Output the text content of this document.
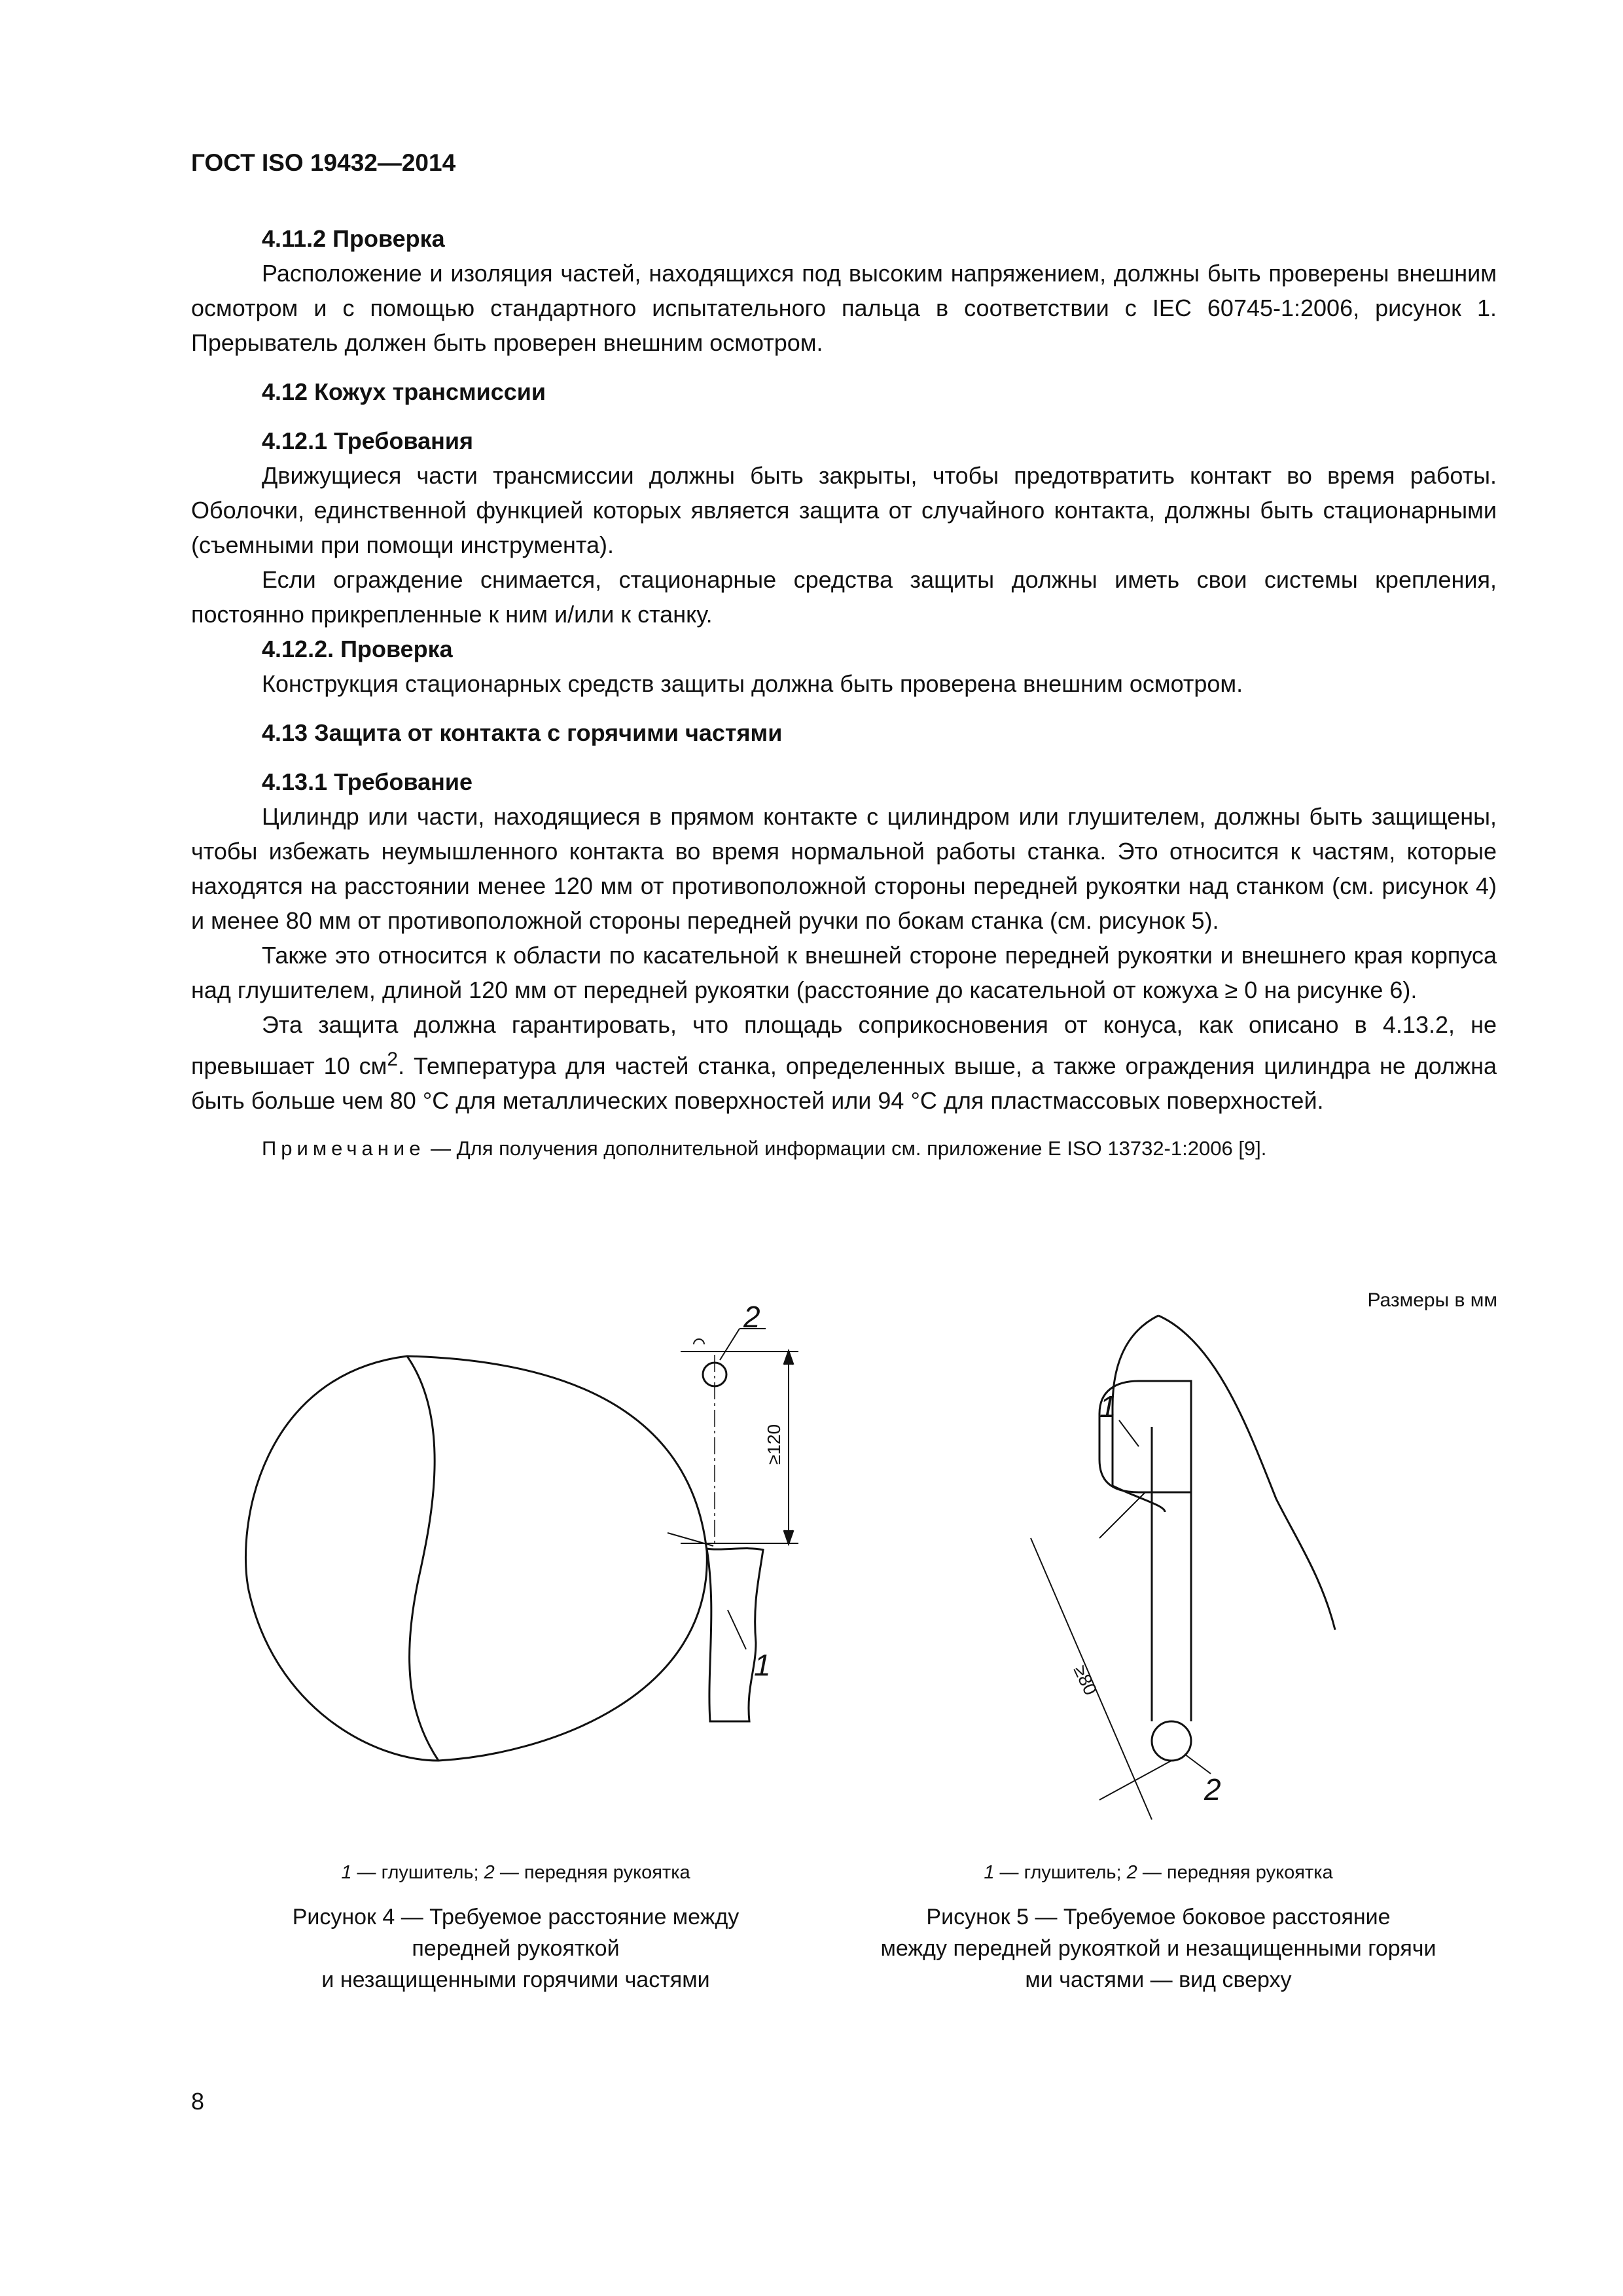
ГОСТ ISO 19432—2014

4.11.2 Проверка

Расположение и изоляция частей, находящихся под высоким напряжением, должны быть проверены внешним осмотром и с помощью стандартного испытательного пальца в соответствии с IEC 60745-1:2006, рисунок 1. Прерыватель должен быть проверен внешним осмотром.

4.12 Кожух трансмиссии

4.12.1 Требования

Движущиеся части трансмиссии должны быть закрыты, чтобы предотвратить контакт во время работы. Оболочки, единственной функцией которых является защита от случайного контакта, должны быть стационарными (съемными при помощи инструмента).

Если ограждение снимается, стационарные средства защиты должны иметь свои системы крепления, постоянно прикрепленные к ним и/или к станку.

4.12.2. Проверка

Конструкция стационарных средств защиты должна быть проверена внешним осмотром.

4.13 Защита от контакта с горячими частями

4.13.1 Требование

Цилиндр или части, находящиеся в прямом контакте с цилиндром или глушителем, должны быть защищены, чтобы избежать неумышленного контакта во время нормальной работы станка. Это относится к частям, которые находятся на расстоянии менее 120 мм от противоположной стороны передней рукоятки над станком (см. рисунок 4) и менее 80 мм от противоположной стороны передней ручки по бокам станка (см. рисунок 5).

Также это относится к области по касательной к внешней стороне передней рукоятки и внешнего края корпуса над глушителем, длиной 120 мм от передней рукоятки (расстояние до касательной от кожуха ≥ 0 на рисунке 6).

Эта защита должна гарантировать, что площадь соприкосновения от конуса, как описано в 4.13.2, не превышает 10 $см^2$. Температура для частей станка, определенных выше, а также ограждения цилиндра не должна быть больше чем 80 °С для металлических поверхностей или 94 °С для пластмассовых поверхностей.

Примечание — Для получения дополнительной информации см. приложение Е ISO 13732-1:2006 [9].

Размеры в мм
≥120
2
1	≥80
1
2
1 — глушитель; 2 — передняя рукоятка
Рисунок 4 — Требуемое расстояние между
передней рукояткой
и незащищенными горячими частями
1 — глушитель; 2 — передняя рукоятка
Рисунок 5 — Требуемое боковое расстояние
между передней рукояткой и незащищенными горячи
ми частями — вид сверху
8
